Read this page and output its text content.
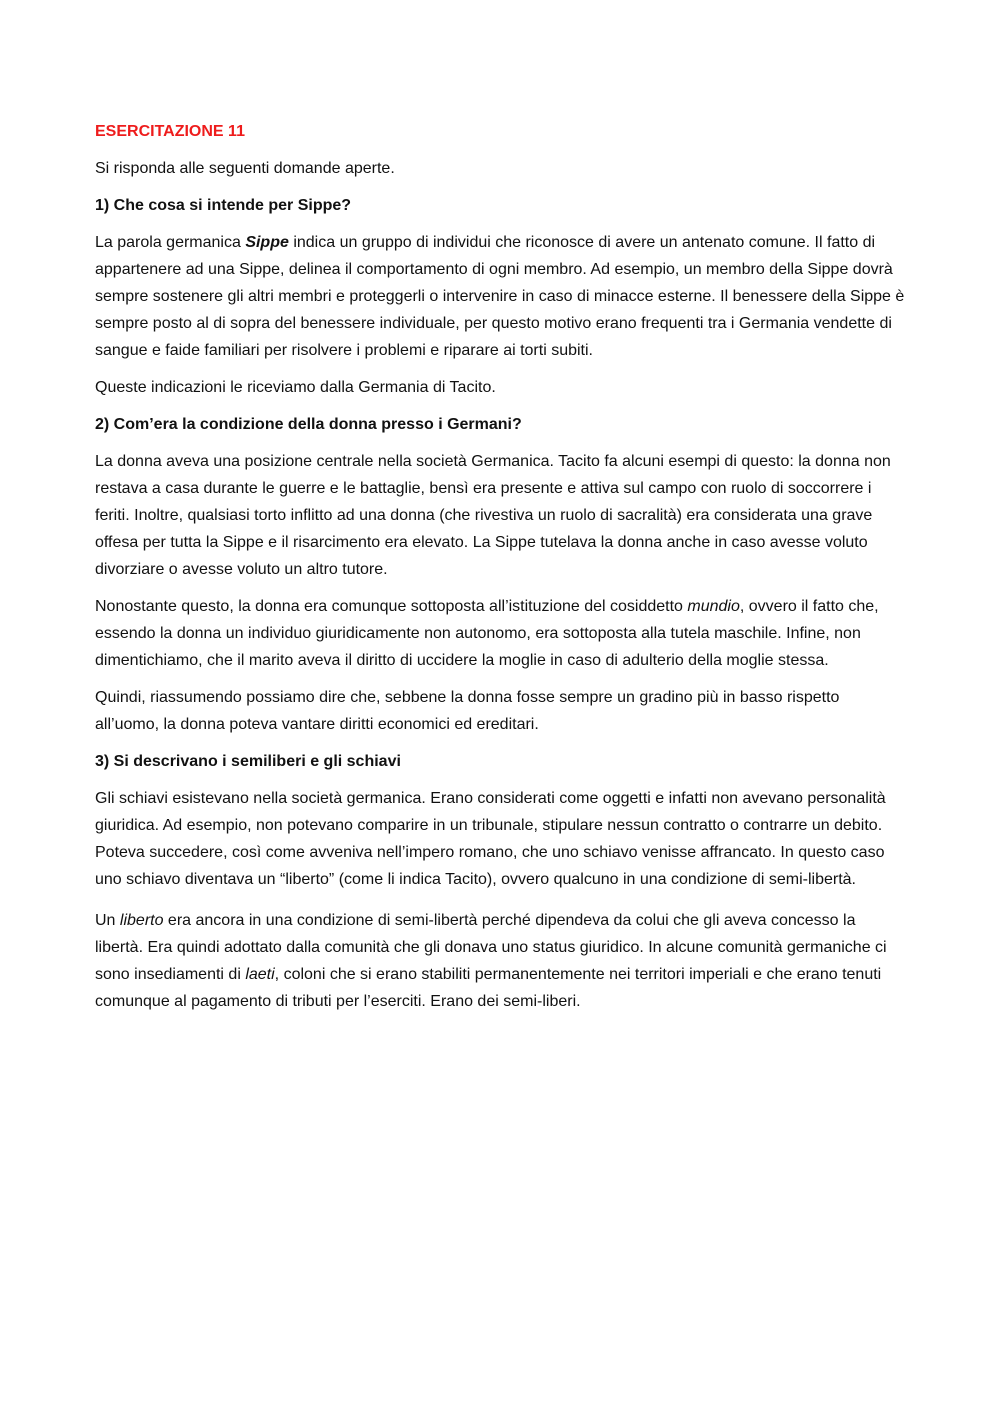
ESERCITAZIONE 11

Si risponda alle seguenti domande aperte.

1) Che cosa si intende per Sippe?

La parola germanica Sippe indica un gruppo di individui che riconosce di avere un antenato comune. Il fatto di appartenere ad una Sippe, delinea il comportamento di ogni membro. Ad esempio, un membro della Sippe dovrà sempre sostenere gli altri membri e proteggerli o intervenire in caso di minacce esterne. Il benessere della Sippe è sempre posto al di sopra del benessere individuale, per questo motivo erano frequenti tra i Germania vendette di sangue e faide familiari per risolvere i problemi e riparare ai torti subiti.

Queste indicazioni le riceviamo dalla Germania di Tacito.

2) Com’era la condizione della donna presso i Germani?

La donna aveva una posizione centrale nella società Germanica. Tacito fa alcuni esempi di questo: la donna non restava a casa durante le guerre e le battaglie, bensì era presente e attiva sul campo con ruolo di soccorrere i feriti. Inoltre, qualsiasi torto inflitto ad una donna (che rivestiva un ruolo di sacralità) era considerata una grave offesa per tutta la Sippe e il risarcimento era elevato. La Sippe tutelava la donna anche in caso avesse voluto divorziare o avesse voluto un altro tutore.

Nonostante questo, la donna era comunque sottoposta all’istituzione del cosiddetto mundio, ovvero il fatto che, essendo la donna un individuo giuridicamente non autonomo, era sottoposta alla tutela maschile. Infine, non dimentichiamo, che il marito aveva il diritto di uccidere la moglie in caso di adulterio della moglie stessa.

Quindi, riassumendo possiamo dire che, sebbene la donna fosse sempre un gradino più in basso rispetto all’uomo, la donna poteva vantare diritti economici ed ereditari.

3) Si descrivano i semiliberi e gli schiavi

Gli schiavi esistevano nella società germanica. Erano considerati come oggetti e infatti non avevano personalità giuridica. Ad esempio, non potevano comparire in un tribunale, stipulare nessun contratto o contrarre un debito. Poteva succedere, così come avveniva nell’impero romano, che uno schiavo venisse affrancato. In questo caso uno schiavo diventava un “liberto” (come li indica Tacito), ovvero qualcuno in una condizione di semi-libertà.

Un liberto era ancora in una condizione di semi-libertà perché dipendeva da colui che gli aveva concesso la libertà. Era quindi adottato dalla comunità che gli donava uno status giuridico. In alcune comunità germaniche ci sono insediamenti di laeti, coloni che si erano stabiliti permanentemente nei territori imperiali e che erano tenuti comunque al pagamento di tributi per l’eserciti. Erano dei semi-liberi.
